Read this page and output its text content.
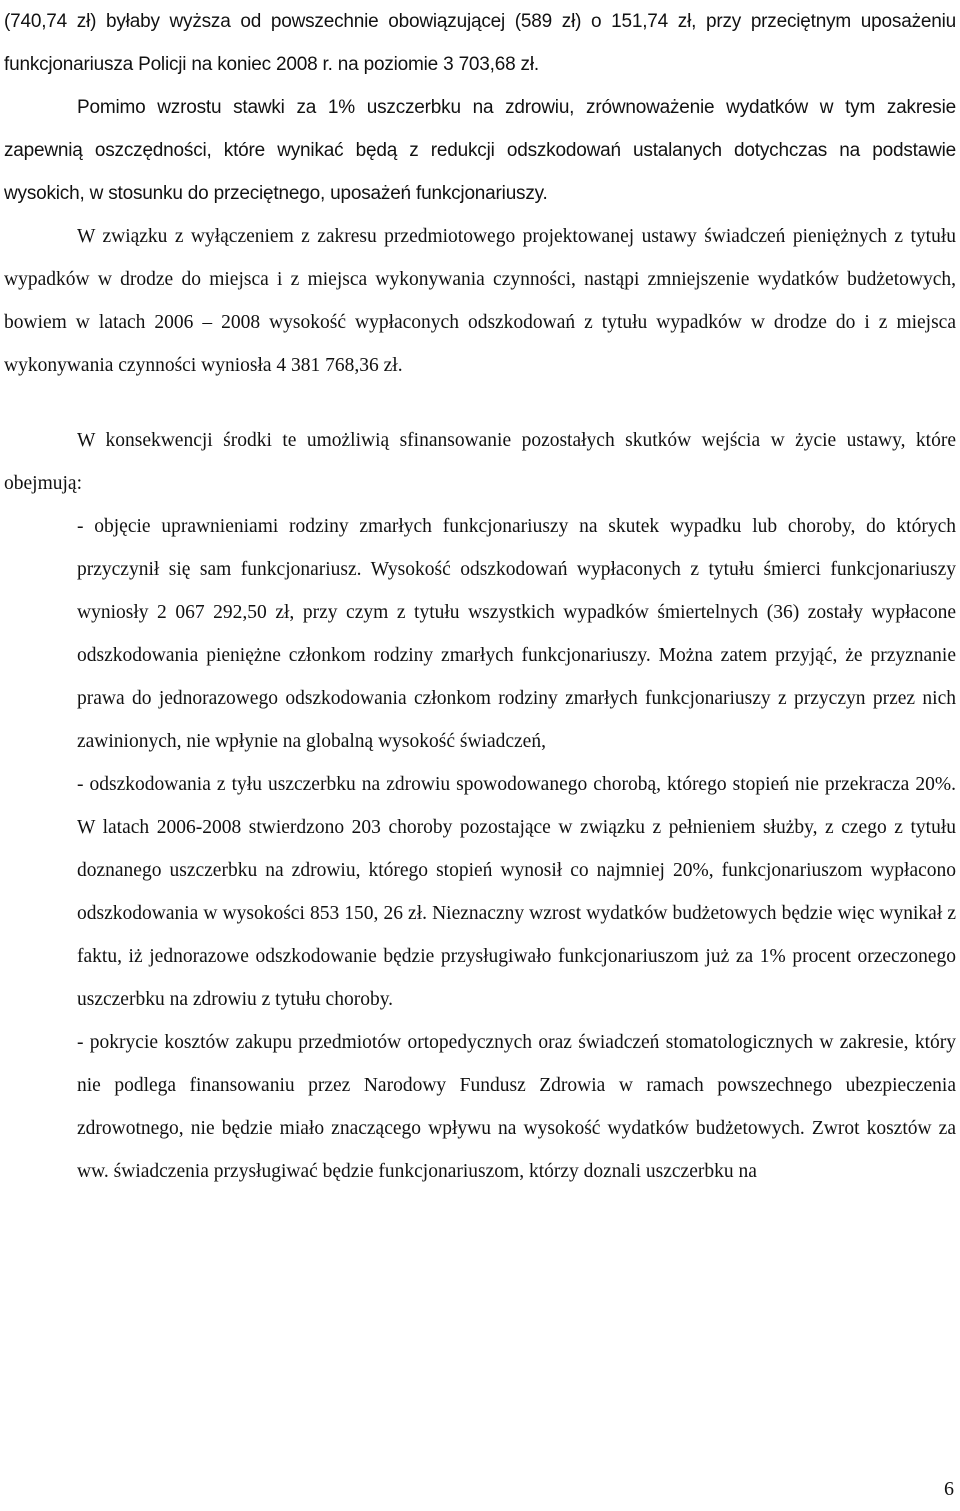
(740,74 zł) byłaby wyższa od powszechnie obowiązującej (589 zł) o 151,74 zł, przy przeciętnym uposażeniu funkcjonariusza Policji na koniec 2008 r. na poziomie 3 703,68 zł.

Pomimo wzrostu stawki za 1% uszczerbku na zdrowiu, zrównoważenie wydatków w tym zakresie zapewnią oszczędności, które wynikać będą z redukcji odszkodowań ustalanych dotychczas na podstawie wysokich, w stosunku do przeciętnego, uposażeń funkcjonariuszy.

W związku z wyłączeniem z zakresu przedmiotowego projektowanej ustawy świadczeń pieniężnych z tytułu wypadków w drodze do miejsca i z miejsca wykonywania czynności, nastąpi zmniejszenie wydatków budżetowych, bowiem w latach 2006 – 2008 wysokość wypłaconych odszkodowań z tytułu wypadków w drodze do i z miejsca wykonywania czynności wyniosła 4 381 768,36 zł.

W konsekwencji środki te umożliwią sfinansowanie pozostałych skutków wejścia w życie ustawy, które obejmują:

- objęcie uprawnieniami rodziny zmarłych funkcjonariuszy na skutek wypadku lub choroby, do których przyczynił się sam funkcjonariusz. Wysokość odszkodowań wypłaconych z tytułu śmierci funkcjonariuszy wyniosły 2 067 292,50 zł, przy czym z tytułu wszystkich wypadków śmiertelnych (36) zostały wypłacone odszkodowania pieniężne członkom rodziny zmarłych funkcjonariuszy. Można zatem przyjąć, że przyznanie prawa do jednorazowego odszkodowania członkom rodziny zmarłych funkcjonariuszy z przyczyn przez nich zawinionych, nie wpłynie na globalną wysokość świadczeń,

- odszkodowania z tyłu uszczerbku na zdrowiu spowodowanego chorobą, którego stopień nie przekracza 20%. W latach 2006-2008 stwierdzono 203 choroby pozostające w związku z pełnieniem służby, z czego z tytułu doznanego uszczerbku na zdrowiu, którego stopień wynosił co najmniej 20%, funkcjonariuszom wypłacono odszkodowania w wysokości 853 150, 26 zł. Nieznaczny wzrost wydatków budżetowych będzie więc wynikał z faktu, iż jednorazowe odszkodowanie będzie przysługiwało funkcjonariuszom już za 1% procent orzeczonego uszczerbku na zdrowiu z tytułu choroby.

- pokrycie kosztów zakupu przedmiotów ortopedycznych oraz świadczeń stomatologicznych w zakresie, który nie podlega finansowaniu przez Narodowy Fundusz Zdrowia w ramach powszechnego ubezpieczenia zdrowotnego, nie będzie miało znaczącego wpływu na wysokość wydatków budżetowych. Zwrot kosztów za ww. świadczenia przysługiwać będzie funkcjonariuszom, którzy doznali uszczerbku na

6
